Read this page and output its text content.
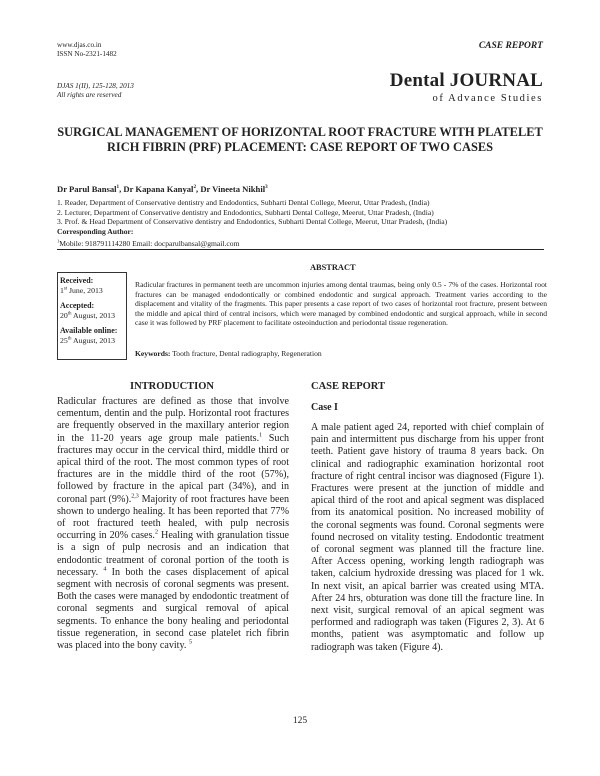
www.djas.co.in
ISSN No-2321-1482
DJAS 1(II), 125-128, 2013
All rights are reserved
CASE REPORT
Dental JOURNAL
of Advance Studies
SURGICAL MANAGEMENT OF HORIZONTAL ROOT FRACTURE WITH PLATELET RICH FIBRIN (PRF) PLACEMENT: CASE REPORT OF TWO CASES
Dr Parul Bansal$^1$, Dr Kapana Kanyal$^2$, Dr Vineeta Nikhil$^3$
1. Reader, Department of Conservative dentistry and Endodontics, Subharti Dental College, Meerut, Uttar Pradesh, (India)
2. Lecturer, Department of Conservative dentistry and Endodontics, Subharti Dental College, Meerut, Uttar Pradesh, (India)
3. Prof. & Head Department of Conservative dentistry and Endodontics, Subharti Dental College, Meerut, Uttar Pradesh, (India)
Corresponding Author:
$^1$Mobile: 918791114280 Email: docparulbansal@gmail.com
Received:
1st June, 2013
Accepted:
20th August, 2013
Available online:
25th August, 2013
ABSTRACT
Radicular fractures in permanent teeth are uncommon injuries among dental traumas, being only 0.5 - 7% of the cases. Horizontal root fractures can be managed endodontically or combined endodontic and surgical approach. Treatment varies according to the displacement and vitality of the fragments. This paper presents a case report of two cases of horizontal root fracture, present between the middle and apical third of central incisors, which were managed by combined endodontic and surgical approach, while in second case it was followed by PRF placement to facilitate osteoinduction and periodontal tissue regeneration.
Keywords: Tooth fracture, Dental radiography, Regeneration
INTRODUCTION
Radicular fractures are defined as those that involve cementum, dentin and the pulp. Horizontal root fractures are frequently observed in the maxillary anterior region in the 11-20 years age group male patients.$^1$ Such fractures may occur in the cervical third, middle third or apical third of the root. The most common types of root fractures are in the middle third of the root (57%), followed by fracture in the apical part (34%), and in coronal part (9%).$^{2,3}$ Majority of root fractures have been shown to undergo healing. It has been reported that 77% of root fractured teeth healed, with pulp necrosis occurring in 20% cases.$^2$ Healing with granulation tissue is a sign of pulp necrosis and an indication that endodontic treatment of coronal portion of the tooth is necessary. $^4$ In both the cases displacement of apical segment with necrosis of coronal segments was present. Both the cases were managed by endodontic treatment of coronal segments and surgical removal of apical segments. To enhance the bony healing and periodontal tissue regeneration, in second case platelet rich fibrin was placed into the bony cavity. $^5$
CASE REPORT
Case I
A male patient aged 24, reported with chief complain of pain and intermittent pus discharge from his upper front teeth. Patient gave history of trauma 8 years back. On clinical and radiographic examination horizontal root fracture of right central incisor was diagnosed (Figure 1). Fractures were present at the junction of middle and apical third of the root and apical segment was displaced from its anatomical position. No increased mobility of the coronal segments was found. Coronal segments were found necrosed on vitality testing. Endodontic treatment of coronal segment was planned till the fracture line. After Access opening, working length radiograph was taken, calcium hydroxide dressing was placed for 1 wk. In next visit, an apical barrier was created using MTA. After 24 hrs, obturation was done till the fracture line. In next visit, surgical removal of an apical segment was performed and radiograph was taken (Figures 2, 3). At 6 months, patient was asymptomatic and follow up radiograph was taken (Figure 4).
125
